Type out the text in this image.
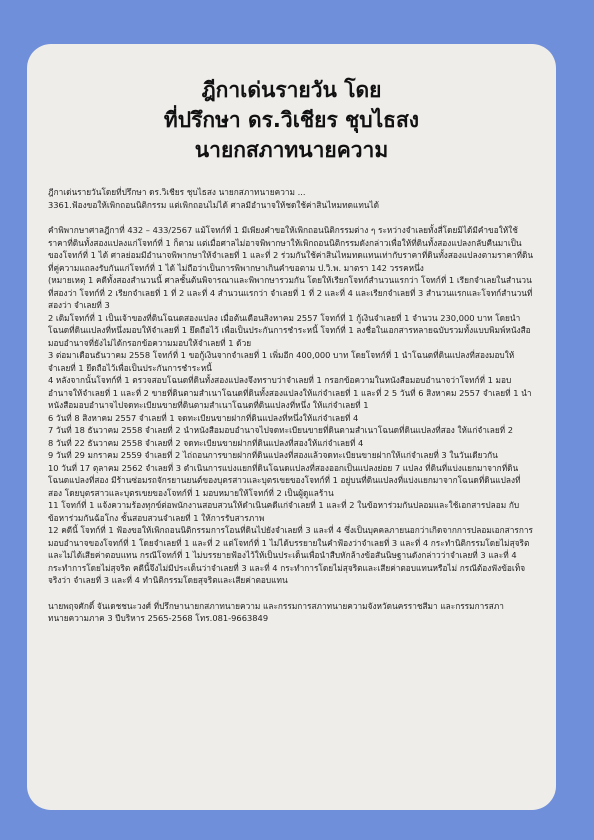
ฎีกาเด่นรายวัน โดย
ที่ปรึกษา ดร.วิเชียร ชุบไธสง
นายกสภาทนายความ

ฎีกาเด่นรายวันโดยที่ปรึกษา ดร.วิเชียร ชุบไธสง นายกสภาทนายความ ...

3361.ฟ้องขอให้เพิกถอนนิติกรรม แต่เพิกถอนไม่ได้ ศาลมีอำนาจให้ชดใช้ค่าสินไหมทดแทนได้

คำพิพากษาศาลฎีกาที่ 432 – 433/2567 แม้โจทก์ที่ 1 มีเพียงคำขอให้เพิกถอนนิติกรรมต่าง ๆ ระหว่างจำเลยทั้งสี่โดยมิได้มีคำขอให้ใช้ราคาที่ดินทั้งสองแปลงแก่โจทก์ที่ 1 ก็ตาม แต่เมื่อศาลไม่อาจพิพากษาให้เพิกถอนนิติกรรมดังกล่าวเพื่อให้ที่ดินทั้งสองแปลงกลับคืนมาเป็นของโจทก์ที่ 1 ได้ ศาลย่อมมีอำนาจพิพากษาให้จำเลยที่ 1 และที่ 2 ร่วมกันใช้ค่าสินไหมทดแทนเท่ากับราคาที่ดินทั้งสองแปลงตามราคาที่ดินที่คู่ความแถลงรับกันแก่โจทก์ที่ 1 ได้ ไม่ถือว่าเป็นการพิพากษาเกินคำขอตาม ป.วิ.พ. มาตรา 142 วรรคหนึ่ง

(หมายเหตุ 1 คดีทั้งสองสำนวนนี้ ศาลชั้นต้นพิจารณาและพิพากษารวมกัน โดยให้เรียกโจทก์สำนวนแรกว่า โจทก์ที่ 1 เรียกจำเลยในสำนวนที่สองว่า โจทก์ที่ 2 เรียกจำเลยที่ 1 ที่ 2 และที่ 4 สำนวนแรกว่า จำเลยที่ 1 ที่ 2 และที่ 4 และเรียกจำเลยที่ 3 สำนวนแรกและโจทก์สำนวนที่สองว่า จำเลยที่ 3

2 เดิมโจทก์ที่ 1 เป็นเจ้าของที่ดินโฉนดสองแปลง เมื่อต้นเดือนสิงหาคม 2557 โจทก์ที่ 1 กู้เงินจำเลยที่ 1 จำนวน 230,000 บาท โดยนำโฉนดที่ดินแปลงที่หนึ่งมอบให้จำเลยที่ 1 ยึดถือไว้ เพื่อเป็นประกันการชำระหนี้ โจทก์ที่ 1 ลงชื่อในเอกสารหลายฉบับรวมทั้งแบบพิมพ์หนังสือมอบอำนาจที่ยังไม่ได้กรอกข้อความมอบให้จำเลยที่ 1 ด้วย

3 ต่อมาเดือนธันวาคม 2558 โจทก์ที่ 1 ขอกู้เงินจากจำเลยที่ 1 เพิ่มอีก 400,000 บาท โดยโจทก์ที่ 1 นำโฉนดที่ดินแปลงที่สองมอบให้จำเลยที่ 1 ยึดถือไว้เพื่อเป็นประกันการชำระหนี้

4 หลังจากนั้นโจทก์ที่ 1 ตรวจสอบโฉนดที่ดินทั้งสองแปลงจึงทราบว่าจำเลยที่ 1 กรอกข้อความในหนังสือมอบอำนาจว่าโจทก์ที่ 1 มอบอำนาจให้จำเลยที่ 1 และที่ 2 ขายที่ดินตามสำเนาโฉนดที่ดินทั้งสองแปลงให้แก่จำเลยที่ 1 และที่ 2 5 วันที่ 6 สิงหาคม 2557 จำเลยที่ 1 นำหนังสือมอบอำนาจไปจดทะเบียนขายที่ดินตามสำเนาโฉนดที่ดินแปลงที่หนึ่ง ให้แก่จำเลยที่ 1

6 วันที่ 8 สิงหาคม 2557 จำเลยที่ 1 จดทะเบียนขายฝากที่ดินแปลงที่หนึ่งให้แก่จำเลยที่ 4

7 วันที่ 18 ธันวาคม 2558 จำเลยที่ 2 นำหนังสือมอบอำนาจไปจดทะเบียนขายที่ดินตามสำเนาโฉนดที่ดินแปลงที่สอง ให้แก่จำเลยที่ 2

8 วันที่ 22 ธันวาคม 2558 จำเลยที่ 2 จดทะเบียนขายฝากที่ดินแปลงที่สองให้แก่จำเลยที่ 4

9 วันที่ 29 มกราคม 2559 จำเลยที่ 2 ไถ่ถอนการขายฝากที่ดินแปลงที่สองแล้วจดทะเบียนขายฝากให้แก่จำเลยที่ 3 ในวันเดียวกัน

10 วันที่ 17 ตุลาคม 2562 จำเลยที่ 3 ดำเนินการแบ่งแยกที่ดินโฉนดแปลงที่สองออกเป็นแปลงย่อย 7 แปลง ที่ดินที่แบ่งแยกมาจากที่ดินโฉนดแปลงที่สอง มีร้านซ่อมรถจักรยานยนต์ของบุตรสาวและบุตรเขยของโจทก์ที่ 1 อยู่บนที่ดินแปลงที่แบ่งแยกมาจากโฉนดที่ดินแปลงที่สอง โดยบุตรสาวและบุตรเขยของโจทก์ที่ 1 มอบหมายให้โจทก์ที่ 2 เป็นผู้ดูแลร้าน

11 โจทก์ที่ 1 แจ้งความร้องทุกข์ต่อพนักงานสอบสวนให้ดำเนินคดีแก่จำเลยที่ 1 และที่ 2 ในข้อหาร่วมกันปลอมและใช้เอกสารปลอม กับข้อหาร่วมกันฉ้อโกง ชั้นสอบสวนจำเลยที่ 1 ให้การรับสารภาพ

12 คดีนี้ โจทก์ที่ 1 ฟ้องขอให้เพิกถอนนิติกรรมการโอนที่ดินไปยังจำเลยที่ 3 และที่ 4 ซึ่งเป็นบุคคลภายนอกว่าเกิดจากการปลอมเอกสารการมอบอำนาจของโจทก์ที่ 1 โดยจำเลยที่ 1 และที่ 2 แต่โจทก์ที่ 1 ไม่ได้บรรยายในคำฟ้องว่าจำเลยที่ 3 และที่ 4 กระทำนิติกรรมโดยไม่สุจริตและไม่ได้เสียค่าตอบแทน กรณีโจทก์ที่ 1 ไม่บรรยายฟ้องไว้ให้เป็นประเด็นเพื่อนำสืบหักล้างข้อสันนิษฐานดังกล่าวว่าจำเลยที่ 3 และที่ 4 กระทำการโดยไม่สุจริต คดีนี้จึงไม่มีประเด็นว่าจำเลยที่ 3 และที่ 4 กระทำการโดยไม่สุจริตและเสียค่าตอบแทนหรือไม่ กรณีต้องฟังข้อเท็จจริงว่า จำเลยที่ 3 และที่ 4 ทำนิติกรรมโดยสุจริตและเสียค่าตอบแทน

นายพฤจศักดิ์ จันเดชชนะวงศ์ ที่ปรึกษานายกสภาทนายความ และกรรมการสภาทนายความจังหวัดนครราชสีมา และกรรมการสภาทนายความภาค 3 ปีบริหาร 2565-2568 โทร.081-9663849
